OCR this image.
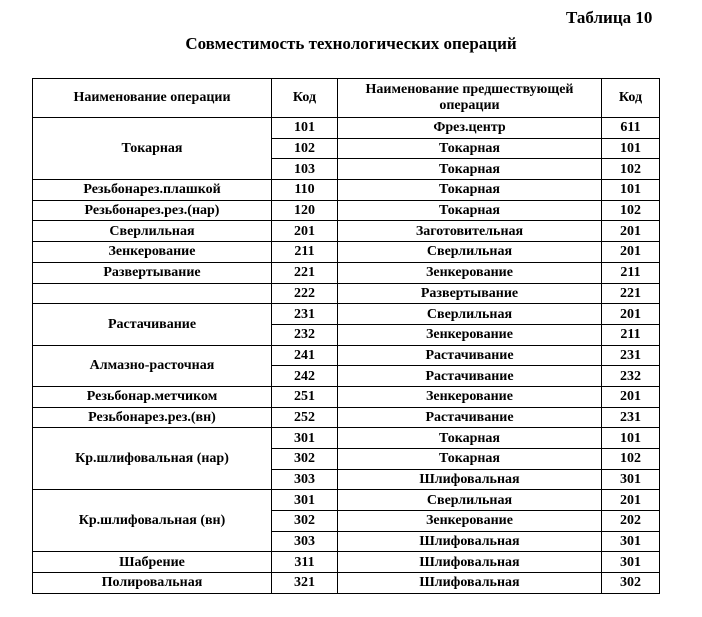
Таблица 10
Совместимость технологических операций
Наименование операции	Код	Наименование предшествующей операции	Код
Токарная	101	Фрез.центр	611
	102	Токарная	101
	103	Токарная	102
Резьбонарез.плашкой	110	Токарная	101
Резьбонарез.рез.(нар)	120	Токарная	102
Сверлильная	201	Заготовительная	201
Зенкерование	211	Сверлильная	201
Развертывание	221	Зенкерование	211
	222	Развертывание	221
Растачивание	231	Сверлильная	201
	232	Зенкерование	211
Алмазно-расточная	241	Растачивание	231
	242	Растачивание	232
Резьбонар.метчиком	251	Зенкерование	201
Резьбонарез.рез.(вн)	252	Растачивание	231
Кр.шлифовальная (нар)	301	Токарная	101
	302	Токарная	102
	303	Шлифовальная	301
Кр.шлифовальная (вн)	301	Сверлильная	201
	302	Зенкерование	202
	303	Шлифовальная	301
Шабрение	311	Шлифовальная	301
Полировальная	321	Шлифовальная	302
